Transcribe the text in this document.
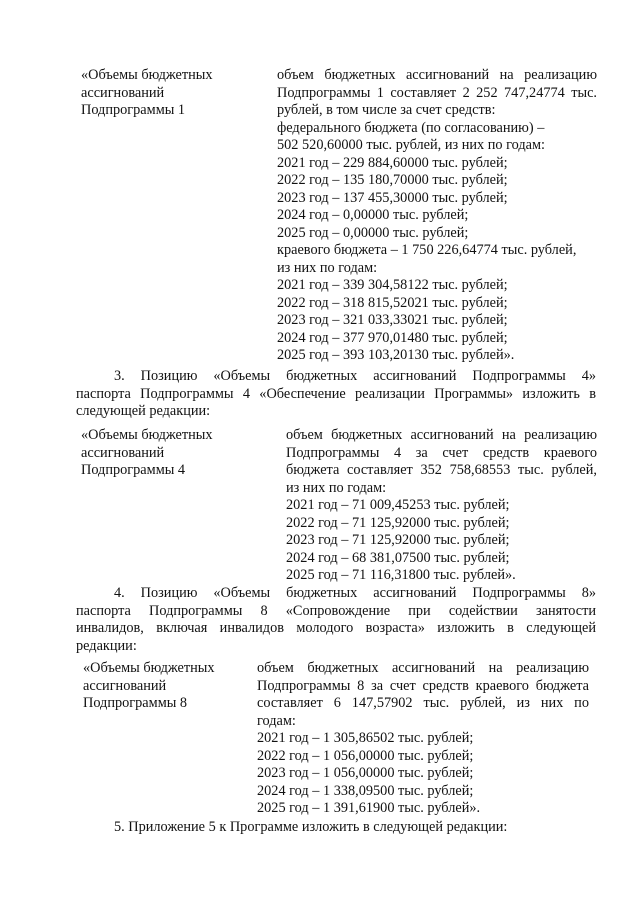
«Объемы бюджетных
ассигнований
Подпрограммы 1
объем бюджетных ассигнований на реализацию
Подпрограммы 1 составляет 2 252 747,24774 тыс.
рублей, в том числе за счет средств:
федерального бюджета (по согласованию) –
502 520,60000 тыс. рублей, из них по годам:
2021 год – 229 884,60000 тыс. рублей;
2022 год – 135 180,70000 тыс. рублей;
2023 год – 137 455,30000 тыс. рублей;
2024 год – 0,00000 тыс. рублей;
2025 год – 0,00000 тыс. рублей;
краевого бюджета – 1 750 226,64774 тыс. рублей,
из них по годам:
2021 год – 339 304,58122 тыс. рублей;
2022 год – 318 815,52021 тыс. рублей;
2023 год – 321 033,33021 тыс. рублей;
2024 год – 377 970,01480 тыс. рублей;
2025 год – 393 103,20130 тыс. рублей».
3. Позицию «Объемы бюджетных ассигнований Подпрограммы 4»
паспорта Подпрограммы 4 «Обеспечение реализации Программы» изложить в
следующей редакции:
«Объемы бюджетных
ассигнований
Подпрограммы 4
объем бюджетных ассигнований на реализацию
Подпрограммы 4 за счет средств краевого
бюджета составляет 352 758,68553 тыс. рублей,
из них по годам:
2021 год – 71 009,45253 тыс. рублей;
2022 год – 71 125,92000 тыс. рублей;
2023 год – 71 125,92000 тыс. рублей;
2024 год – 68 381,07500 тыс. рублей;
2025 год – 71 116,31800 тыс. рублей».
4. Позицию «Объемы бюджетных ассигнований Подпрограммы 8»
паспорта Подпрограммы 8 «Сопровождение при содействии занятости
инвалидов, включая инвалидов молодого возраста» изложить в следующей
редакции:
«Объемы бюджетных
ассигнований
Подпрограммы 8
объем бюджетных ассигнований на реализацию
Подпрограммы 8 за счет средств краевого бюджета
составляет 6 147,57902 тыс. рублей, из них по
годам:
2021 год – 1 305,86502 тыс. рублей;
2022 год – 1 056,00000 тыс. рублей;
2023 год – 1 056,00000 тыс. рублей;
2024 год – 1 338,09500 тыс. рублей;
2025 год – 1 391,61900 тыс. рублей».
5. Приложение 5 к Программе изложить в следующей редакции:
